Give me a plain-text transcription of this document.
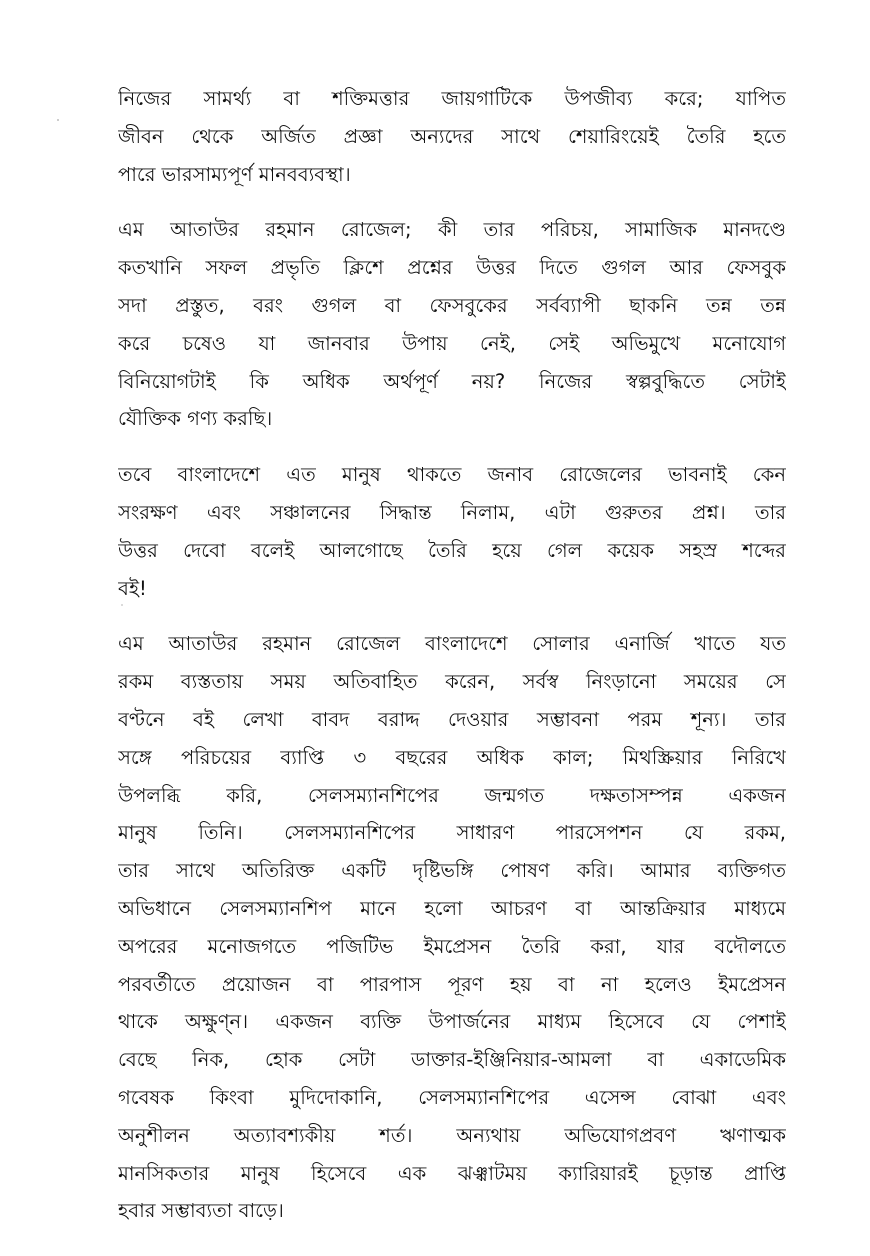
নিজের সামর্থ্য বা শক্তিমত্তার জায়গাটিকে উপজীব্য করে; যাপিত
জীবন থেকে অর্জিত প্রজ্ঞা অন্যদের সাথে শেয়ারিংয়েই তৈরি হতে
পারে ভারসাম্যপূর্ণ মানবব্যবস্থা।
এম আতাউর রহমান রোজেল; কী তার পরিচয়, সামাজিক মানদণ্ডে
কতখানি সফল প্রভৃতি ক্লিশে প্রশ্নের উত্তর দিতে গুগল আর ফেসবুক
সদা প্রস্তুত, বরং গুগল বা ফেসবুকের সর্বব্যাপী ছাকনি তন্ন তন্ন
করে চষেও যা জানবার উপায় নেই, সেই অভিমুখে মনোযোগ
বিনিয়োগটাই কি অধিক অর্থপূর্ণ নয়? নিজের স্বল্পবুদ্ধিতে সেটাই
যৌক্তিক গণ্য করছি।
তবে বাংলাদেশে এত মানুষ থাকতে জনাব রোজেলের ভাবনাই কেন
সংরক্ষণ এবং সঞ্চালনের সিদ্ধান্ত নিলাম, এটা গুরুতর প্রশ্ন। তার
উত্তর দেবো বলেই আলগোছে তৈরি হয়ে গেল কয়েক সহস্র শব্দের
বই!
এম আতাউর রহমান রোজেল বাংলাদেশে সোলার এনার্জি খাতে যত
রকম ব্যস্ততায় সময় অতিবাহিত করেন, সর্বস্ব নিংড়ানো সময়ের সে
বণ্টনে বই লেখা বাবদ বরাদ্দ দেওয়ার সম্ভাবনা পরম শূন্য। তার
সঙ্গে পরিচয়ের ব্যাপ্তি ৩ বছরের অধিক কাল; মিথস্ক্রিয়ার নিরিখে
উপলব্ধি করি, সেলসম্যানশিপের জন্মগত দক্ষতাসম্পন্ন একজন
মানুষ তিনি। সেলসম্যানশিপের সাধারণ পারসেপশন যে রকম,
তার সাথে অতিরিক্ত একটি দৃষ্টিভঙ্গি পোষণ করি। আমার ব্যক্তিগত
অভিধানে সেলসম্যানশিপ মানে হলো আচরণ বা আন্তক্রিয়ার মাধ্যমে
অপরের মনোজগতে পজিটিভ ইমপ্রেসন তৈরি করা, যার বদৌলতে
পরবর্তীতে প্রয়োজন বা পারপাস পূরণ হয় বা না হলেও ইমপ্রেসন
থাকে অক্ষুণ্ন। একজন ব্যক্তি উপার্জনের মাধ্যম হিসেবে যে পেশাই
বেছে নিক, হোক সেটা ডাক্তার-ইঞ্জিনিয়ার-আমলা বা একাডেমিক
গবেষক কিংবা মুদিদোকানি, সেলসম্যানশিপের এসেন্স বোঝা এবং
অনুশীলন অত্যাবশ্যকীয় শর্ত। অন্যথায় অভিযোগপ্রবণ ঋণাত্মক
মানসিকতার মানুষ হিসেবে এক ঝঞ্ঝাটময় ক্যারিয়ারই চূড়ান্ত প্রাপ্তি
হবার সম্ভাব্যতা বাড়ে।
